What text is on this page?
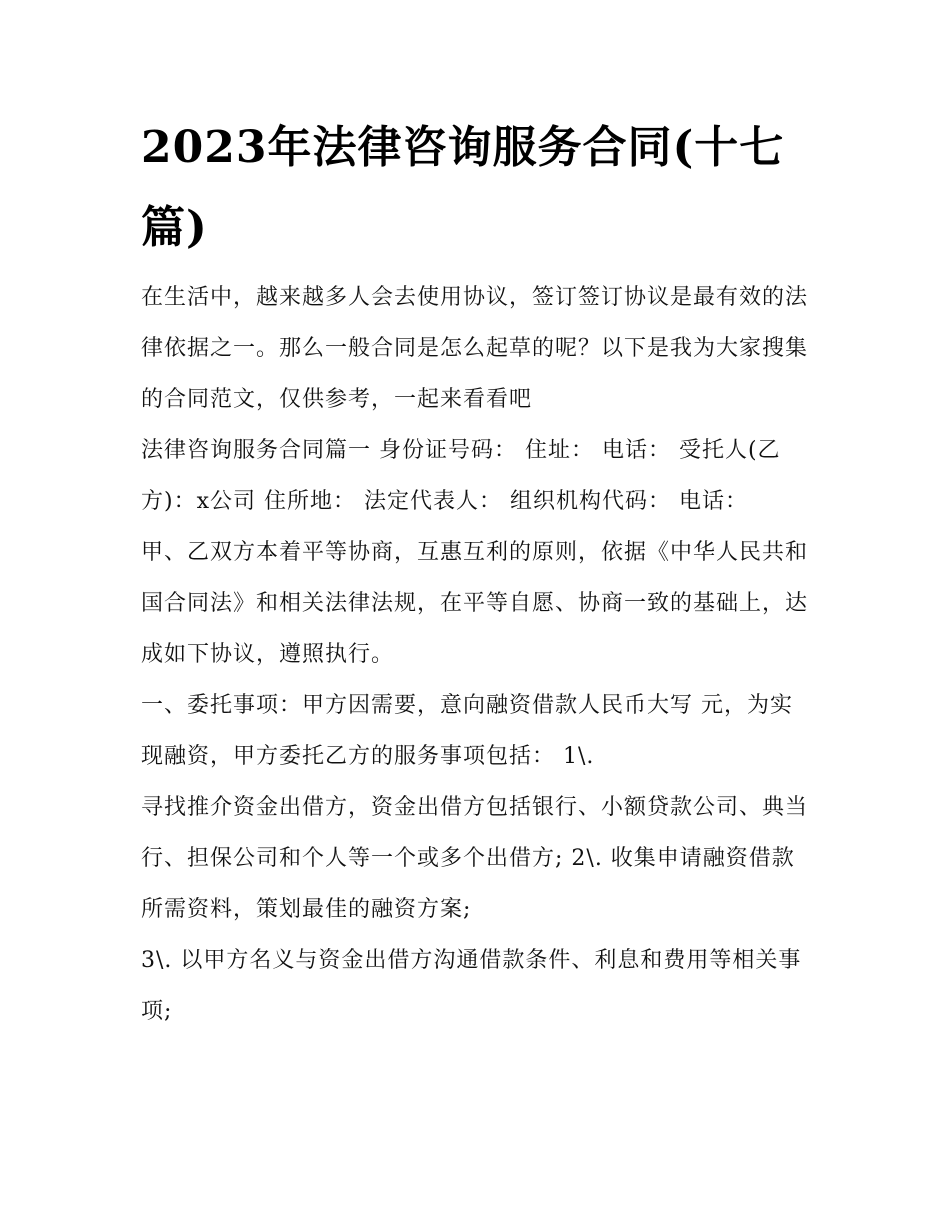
2023年法律咨询服务合同(十七篇)

在生活中，越来越多人会去使用协议，签订签订协议是最有效的法律依据之一。那么一般合同是怎么起草的呢？以下是我为大家搜集的合同范文，仅供参考，一起来看看吧

法律咨询服务合同篇一 身份证号码： 住址： 电话： 受托人(乙方)：x公司 住所地： 法定代表人： 组织机构代码： 电话：

甲、乙双方本着平等协商，互惠互利的原则，依据《中华人民共和国合同法》和相关法律法规，在平等自愿、协商一致的基础上，达成如下协议，遵照执行。

一、委托事项：甲方因需要，意向融资借款人民币大写 元，为实现融资，甲方委托乙方的服务事项包括： 1\.

寻找推介资金出借方，资金出借方包括银行、小额贷款公司、典当行、担保公司和个人等一个或多个出借方; 2\. 收集申请融资借款所需资料，策划最佳的融资方案;

3\. 以甲方名义与资金出借方沟通借款条件、利息和费用等相关事项;
